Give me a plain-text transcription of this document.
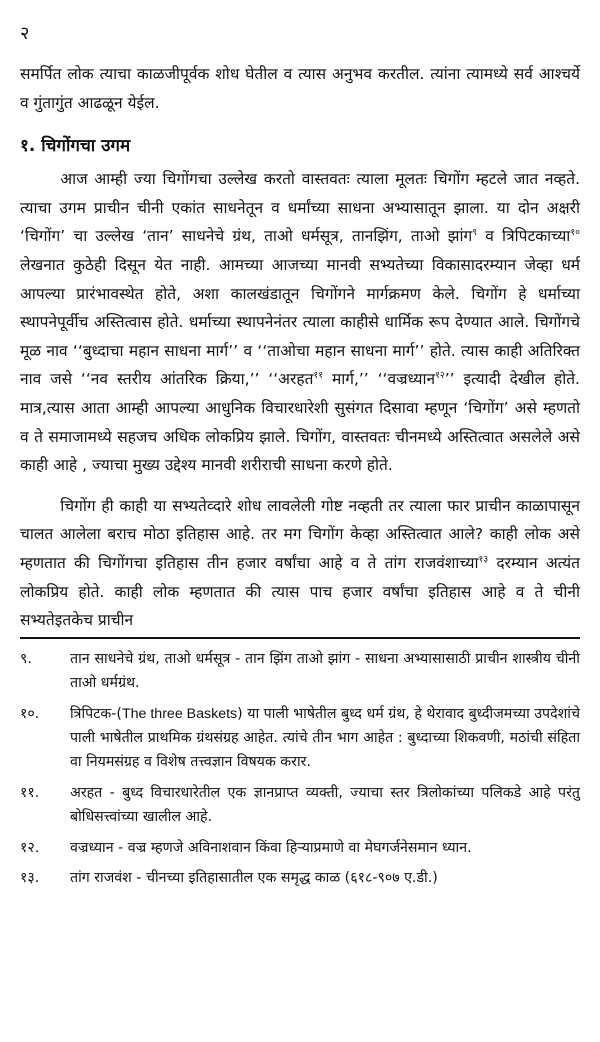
२

समर्पित लोक त्याचा काळजीपूर्वक शोध घेतील व त्यास अनुभव करतील. त्यांना त्यामध्ये सर्व आश्चर्ये व गुंतागुंत आढळून येईल.

१. चिगोंगचा उगम

आज आम्ही ज्या चिगोंगचा उल्लेख करतो वास्तवतः त्याला मूलतः चिगोंग म्हटले जात नव्हते. त्याचा उगम प्राचीन चीनी एकांत साधनेतून व धर्मांच्या साधना अभ्यासातून झाला. या दोन अक्षरी ‘चिगोंग’ चा उल्लेख ‘तान’ साधनेचे ग्रंथ, ताओ धर्मसूत्र, तानझिंग, ताओ झांग$^९$ व त्रिपिटकाच्या$^{१०}$ लेखनात कुठेही दिसून येत नाही. आमच्या आजच्या मानवी सभ्यतेच्या विकासादरम्यान जेव्हा धर्म आपल्या प्रारंभावस्थेत होते, अशा कालखंडातून चिगोंगने मार्गक्रमण केले. चिगोंग हे धर्माच्या स्थापनेपूर्वीच अस्तित्वास होते. धर्माच्या स्थापनेनंतर त्याला काहीसे धार्मिक रूप देण्यात आले. चिगोंगचे मूळ नाव ‘‘बुध्दाचा महान साधना मार्ग’’ व ‘‘ताओचा महान साधना मार्ग’’ होते. त्यास काही अतिरिक्त नाव जसे ‘‘नव स्तरीय आंतरिक क्रिया,’’ ‘‘अरहत$^{११}$ मार्ग,’’ ‘‘वज्रध्यान$^{१२}$’’ इत्यादी देखील होते. मात्र,त्यास आता आम्ही आपल्या आधुनिक विचारधारेशी सुसंगत दिसावा म्हणून ‘चिगोंग’ असे म्हणतो व ते समाजामध्ये सहजच अधिक लोकप्रिय झाले. चिगोंग, वास्तवतः चीनमध्ये अस्तित्वात असलेले असे काही आहे , ज्याचा मुख्य उद्देश्य मानवी शरीराची साधना करणे होते.

चिगोंग ही काही या सभ्यतेव्दारे शोध लावलेली गोष्ट नव्हती तर त्याला फार प्राचीन काळापासून चालत आलेला बराच मोठा इतिहास आहे. तर मग चिगोंग केव्हा अस्तित्वात आले? काही लोक असे म्हणतात की चिगोंगचा इतिहास तीन हजार वर्षांचा आहे व ते तांग राजवंशाच्या$^{१३}$ दरम्यान अत्यंत लोकप्रिय होते. काही लोक म्हणतात की त्यास पाच हजार वर्षांचा इतिहास आहे व ते चीनी सभ्यतेइतकेच प्राचीन

९.	तान साधनेचे ग्रंथ, ताओ धर्मसूत्र - तान झिंग ताओ झांग - साधना अभ्यासासाठी प्राचीन शास्त्रीय चीनी ताओ धर्मग्रंथ.
१०.	त्रिपिटक-(The three Baskets) या पाली भाषेतील बुध्द धर्म ग्रंथ, हे थेरावाद बुध्दीजमच्या उपदेशांचे पाली भाषेतील प्राथमिक ग्रंथसंग्रह आहेत. त्यांचे तीन भाग आहेत : बुध्दाच्या शिकवणी, मठांची संहिता वा नियमसंग्रह व विशेष तत्त्वज्ञान विषयक करार.
११.	अरहत - बुध्द विचारधारेतील एक ज्ञानप्राप्त व्यक्ती, ज्याचा स्तर त्रिलोकांच्या पलिकडे आहे परंतु बोधिसत्त्वांच्या खालील आहे.
१२.	वज्रध्यान - वज्र म्हणजे अविनाशवान किंवा हिऱ्याप्रमाणे वा मेघगर्जनेसमान ध्यान.
१३.	तांग राजवंश - चीनच्या इतिहासातील एक समृद्ध काळ (६१८-९०७ ए.डी.)
